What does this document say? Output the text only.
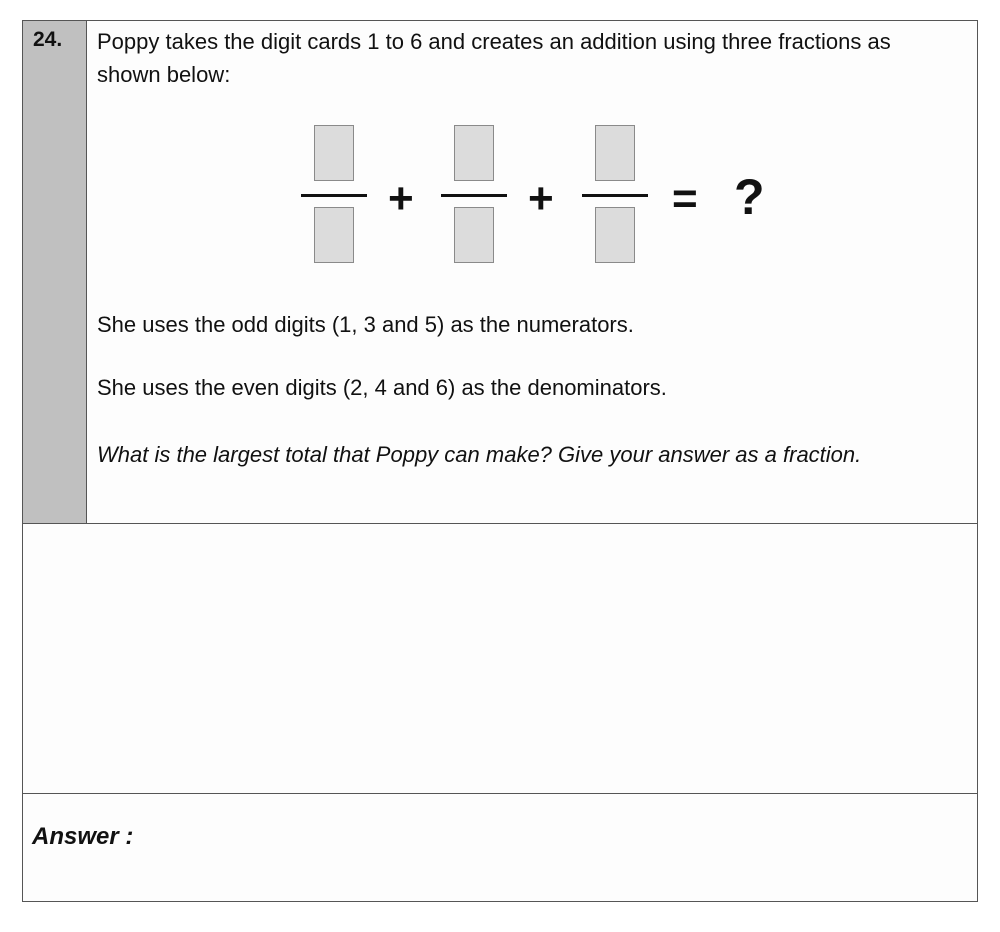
24. Poppy takes the digit cards 1 to 6 and creates an addition using three fractions as
shown below:
+	+	= ?
She uses the odd digits (1, 3 and 5) as the numerators.
She uses the even digits (2, 4 and 6) as the denominators.
What is the largest total that Poppy can make? Give your answer as a fraction.
Answer :
